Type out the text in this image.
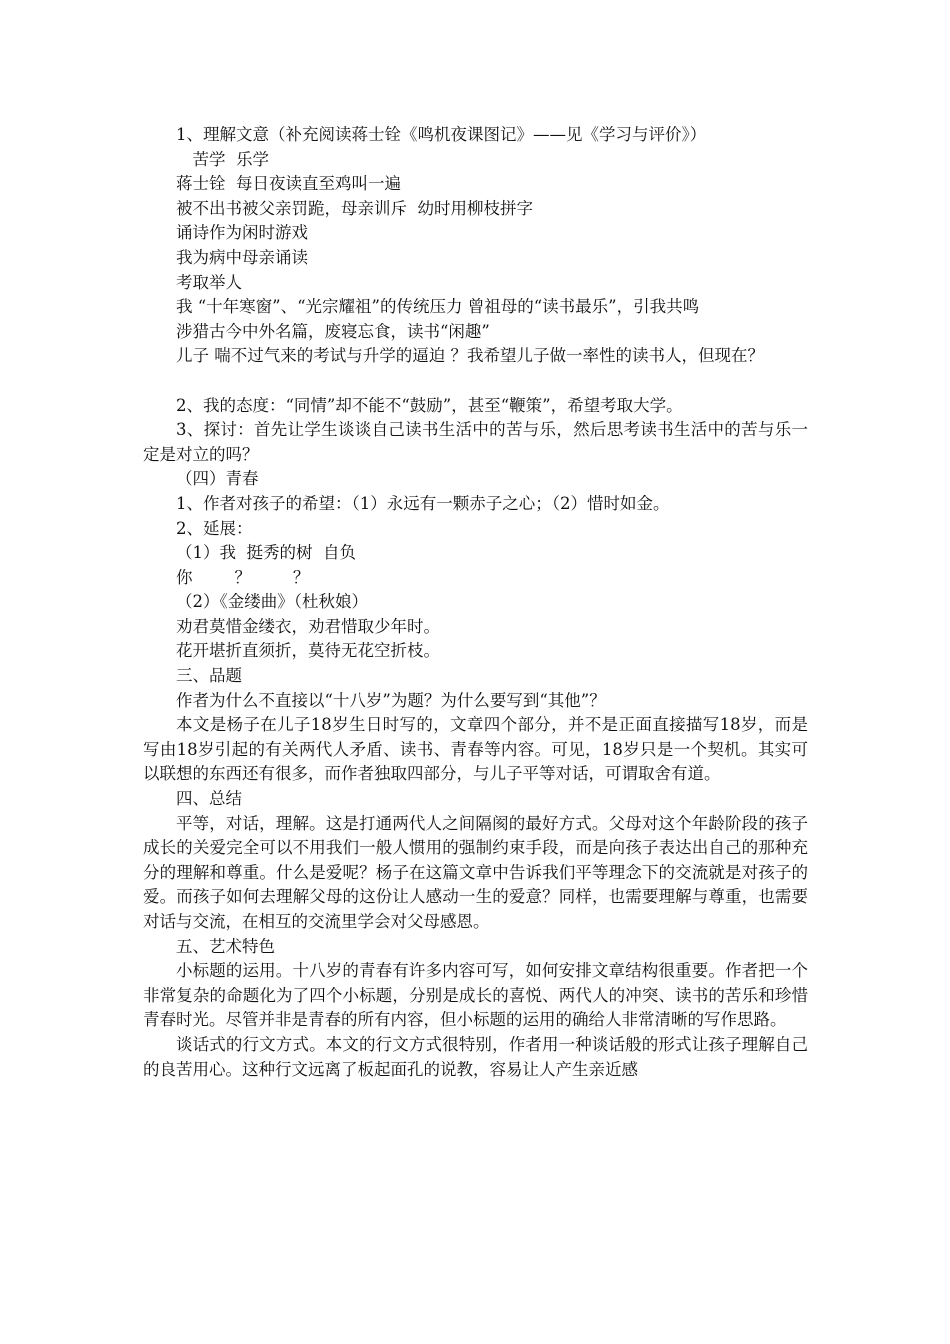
1、理解文意（补充阅读蒋士铨《鸣机夜课图记》——见《学习与评价》）
苦学  乐学
蒋士铨  每日夜读直至鸡叫一遍
被不出书被父亲罚跪，母亲训斥  幼时用柳枝拼字
诵诗作为闲时游戏
我为病中母亲诵读
考取举人
我 “十年寒窗”、“光宗耀祖”的传统压力 曾祖母的“读书最乐”，引我共鸣
涉猎古今中外名篇，废寝忘食，读书“闲趣”
儿子 喘不过气来的考试与升学的逼迫 ？我希望儿子做一率性的读书人，但现在？

2、我的态度：“同情”却不能不“鼓励”，甚至“鞭策”，希望考取大学。
3、探讨：首先让学生谈谈自己读书生活中的苦与乐，然后思考读书生活中的苦与乐一定是对立的吗？
（四）青春
1、作者对孩子的希望：（1）永远有一颗赤子之心；（2）惜时如金。
2、延展：
（1）我  挺秀的树  自负
你        ？        ？
（2）《金缕曲》（杜秋娘）
劝君莫惜金缕衣，劝君惜取少年时。
花开堪折直须折，莫待无花空折枝。
三、品题
作者为什么不直接以“十八岁”为题？为什么要写到“其他”？
本文是杨子在儿子18岁生日时写的，文章四个部分，并不是正面直接描写18岁，而是写由18岁引起的有关两代人矛盾、读书、青春等内容。可见，18岁只是一个契机。其实可以联想的东西还有很多，而作者独取四部分，与儿子平等对话，可谓取舍有道。
四、总结
平等，对话，理解。这是打通两代人之间隔阂的最好方式。父母对这个年龄阶段的孩子成长的关爱完全可以不用我们一般人惯用的强制约束手段，而是向孩子表达出自己的那种充分的理解和尊重。什么是爱呢？杨子在这篇文章中告诉我们平等理念下的交流就是对孩子的爱。而孩子如何去理解父母的这份让人感动一生的爱意？同样，也需要理解与尊重，也需要对话与交流，在相互的交流里学会对父母感恩。
五、艺术特色
小标题的运用。十八岁的青春有许多内容可写，如何安排文章结构很重要。作者把一个非常复杂的命题化为了四个小标题，分别是成长的喜悦、两代人的冲突、读书的苦乐和珍惜青春时光。尽管并非是青春的所有内容，但小标题的运用的确给人非常清晰的写作思路。
谈话式的行文方式。本文的行文方式很特别，作者用一种谈话般的形式让孩子理解自己的良苦用心。这种行文远离了板起面孔的说教，容易让人产生亲近感
